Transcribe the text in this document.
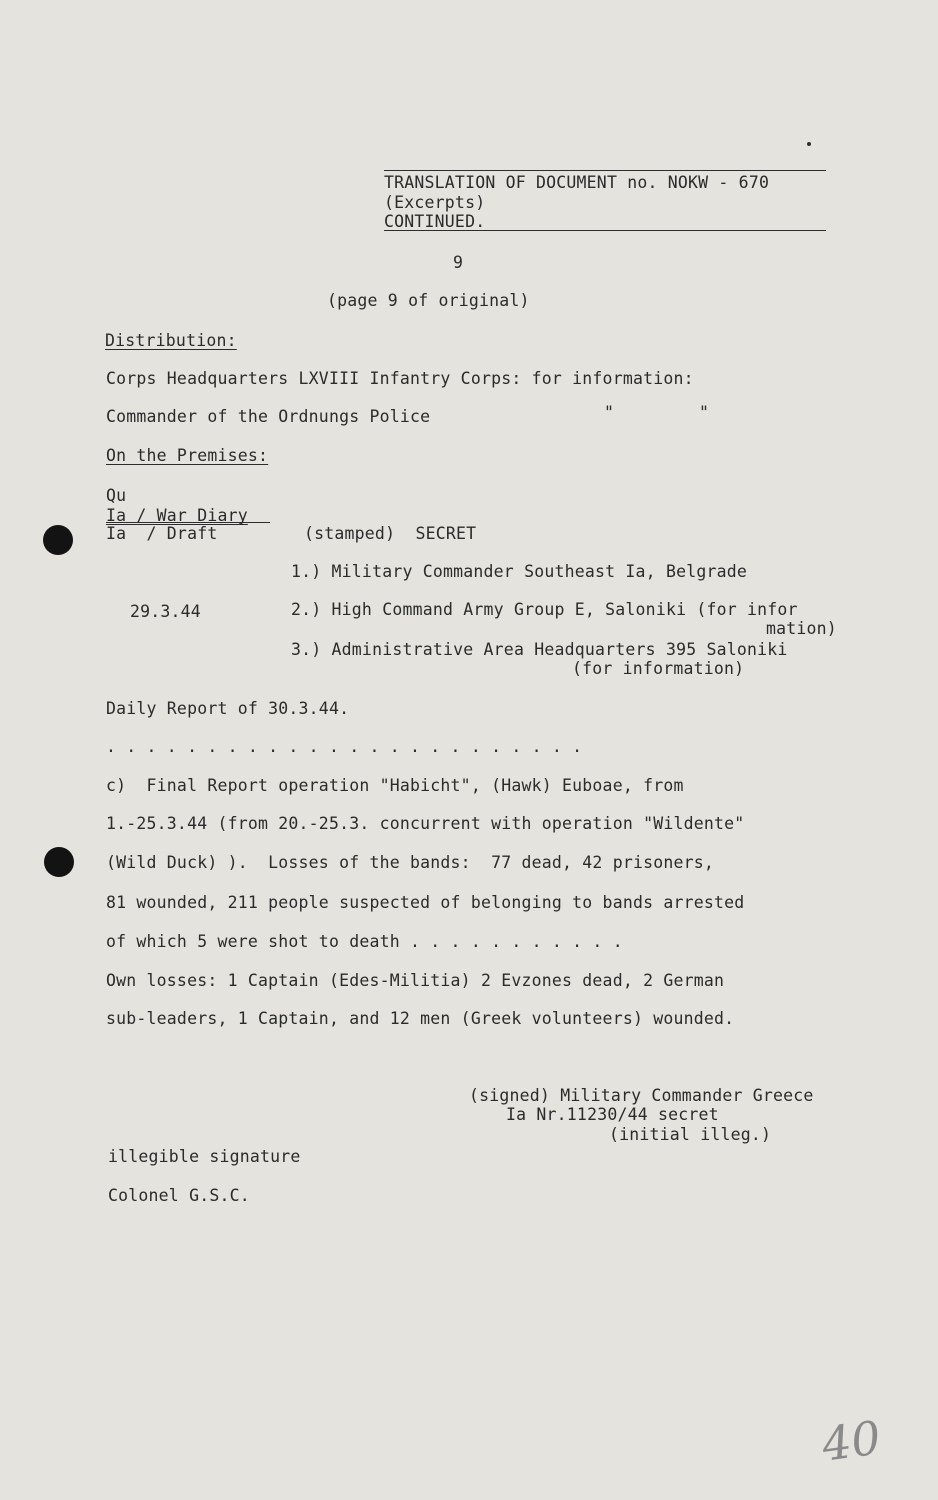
TRANSLATION OF DOCUMENT no. NOKW - 670
(Excerpts)
CONTINUED.
9
(page 9 of original)
Distribution:
Corps Headquarters LXVIII Infantry Corps: for information:
Commander of the Ordnungs Police	"	"
On the Premises:
Qu
Ia / War Diary
Ia  / Draft	(stamped)  SECRET
1.) Military Commander Southeast Ia, Belgrade
29.3.44	2.) High Command Army Group E, Saloniki (for infor
mation)
3.) Administrative Area Headquarters 395 Saloniki
(for information)
Daily Report of 30.3.44.
. . . . . . . . . . . . . . . . . . . . . . . .
c)  Final Report operation "Habicht", (Hawk) Euboae, from
1.-25.3.44 (from 20.-25.3. concurrent with operation "Wildente"
(Wild Duck) ).  Losses of the bands:  77 dead, 42 prisoners,
81 wounded, 211 people suspected of belonging to bands arrested
of which 5 were shot to death . . . . . . . . . . .
Own losses: 1 Captain (Edes-Militia) 2 Evzones dead, 2 German
sub-leaders, 1 Captain, and 12 men (Greek volunteers) wounded.
(signed) Military Commander Greece
Ia Nr.11230/44 secret
(initial illeg.)
illegible signature
Colonel G.S.C.
40
